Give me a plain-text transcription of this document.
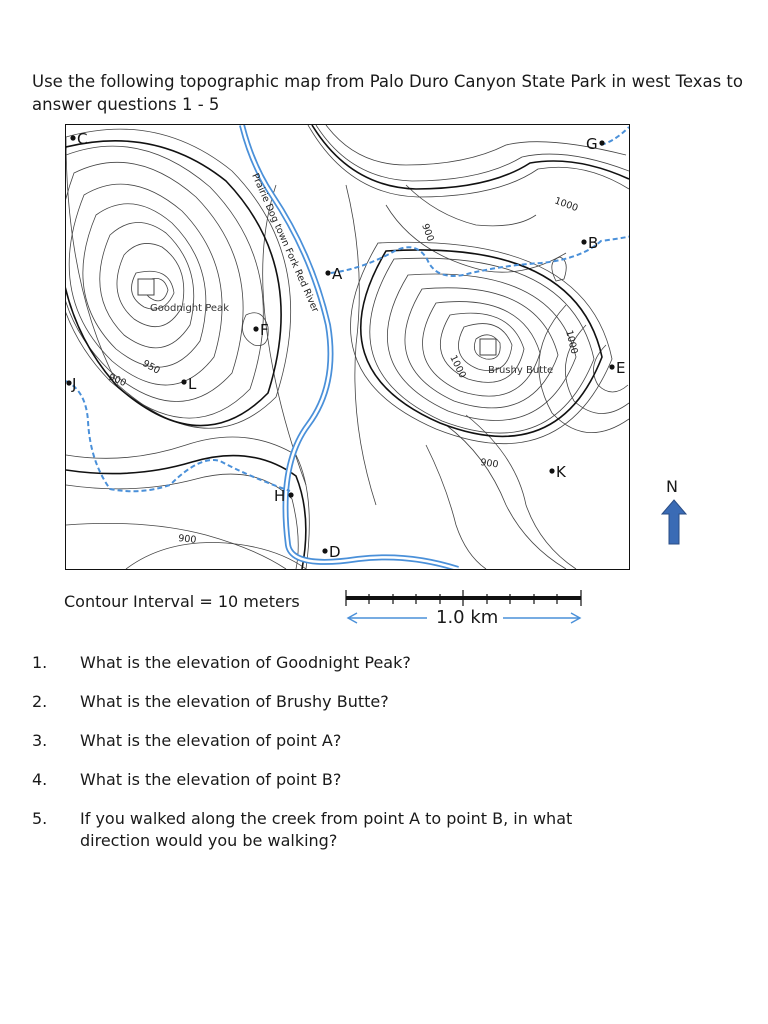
Use the following topographic map from Palo Duro Canyon State Park in west Texas to answer questions 1 - 5

Prairie Dog town Fork Red River
Goodnight Peak
Brushy Butte
1000
900
950
900
1000
1000
900
900
C	G
B
A
F
E
J	L
K
H
D
N
Contour Interval = 10 meters
1.0 km
1. What is the elevation of Goodnight Peak?
2. What is the elevation of Brushy Butte?
3. What is the elevation of point A?
4. What is the elevation of point B?
5. If you walked along the creek from point A to point B, in what direction would you be walking?
